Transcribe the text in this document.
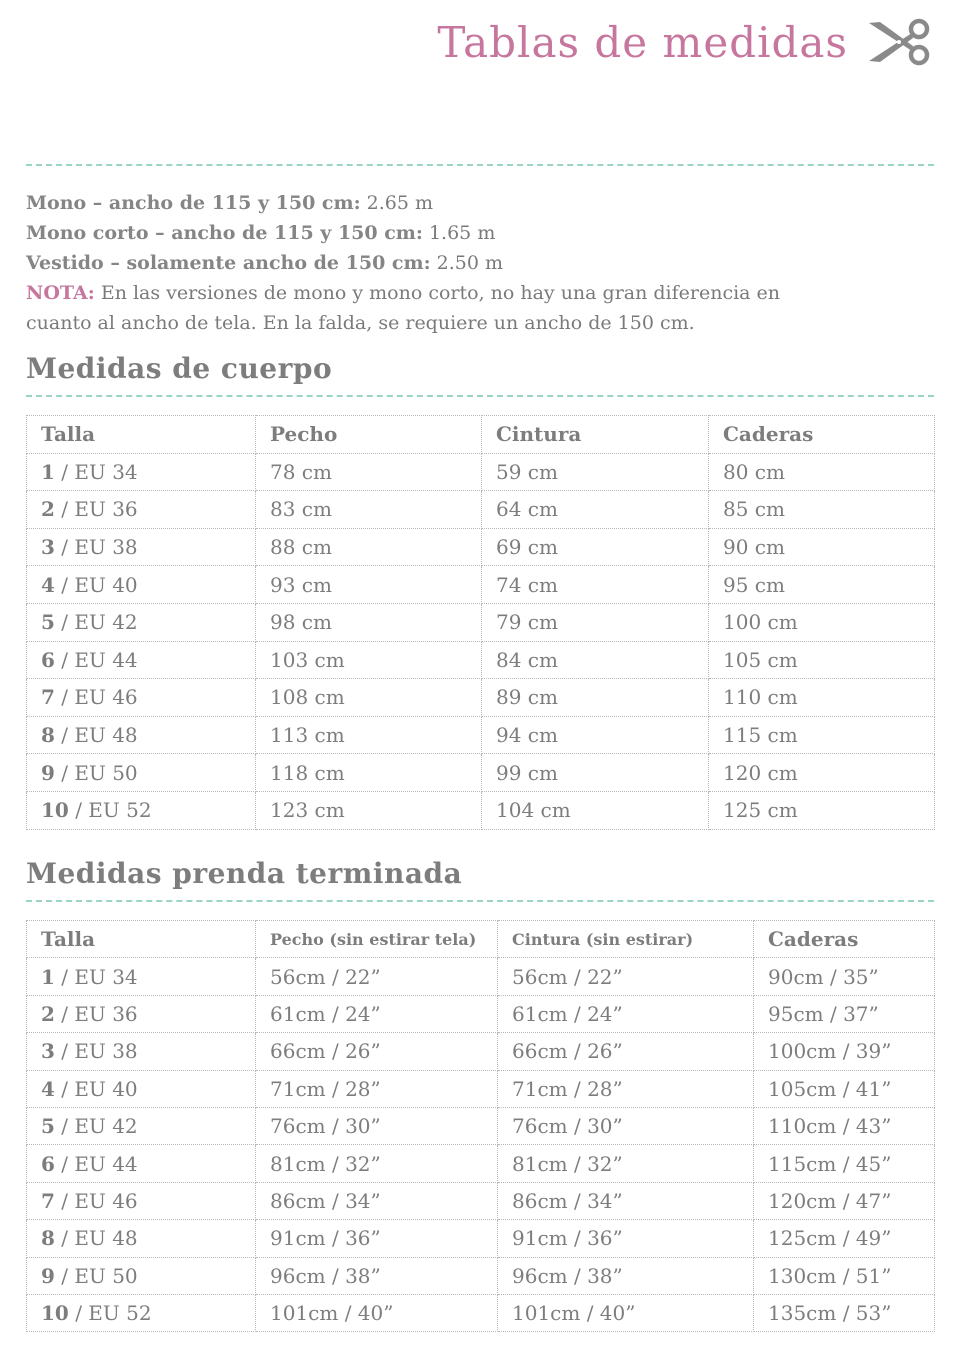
Tablas de medidas
Mono – ancho de 115 y 150 cm: 2.65 m
Mono corto – ancho de 115 y 150 cm: 1.65 m
Vestido – solamente ancho de 150 cm: 2.50 m
NOTA: En las versiones de mono y mono corto, no hay una gran diferencia en
cuanto al ancho de tela. En la falda, se requiere un ancho de 150 cm.
Medidas de cuerpo
Talla	Pecho	Cintura	Caderas
1 / EU 34	78 cm	59 cm	80 cm
2 / EU 36	83 cm	64 cm	85 cm
3 / EU 38	88 cm	69 cm	90 cm
4 / EU 40	93 cm	74 cm	95 cm
5 / EU 42	98 cm	79 cm	100 cm
6 / EU 44	103 cm	84 cm	105 cm
7 / EU 46	108 cm	89 cm	110 cm
8 / EU 48	113 cm	94 cm	115 cm
9 / EU 50	118 cm	99 cm	120 cm
10 / EU 52	123 cm	104 cm	125 cm
Medidas prenda terminada
Talla	Pecho (sin estirar tela)	Cintura (sin estirar)	Caderas
1 / EU 34	56cm / 22”	56cm / 22”	90cm / 35”
2 / EU 36	61cm / 24”	61cm / 24”	95cm / 37”
3 / EU 38	66cm / 26”	66cm / 26”	100cm / 39”
4 / EU 40	71cm / 28”	71cm / 28”	105cm / 41”
5 / EU 42	76cm / 30”	76cm / 30”	110cm / 43”
6 / EU 44	81cm / 32”	81cm / 32”	115cm / 45”
7 / EU 46	86cm / 34”	86cm / 34”	120cm / 47”
8 / EU 48	91cm / 36”	91cm / 36”	125cm / 49”
9 / EU 50	96cm / 38”	96cm / 38”	130cm / 51”
10 / EU 52	101cm / 40”	101cm / 40”	135cm / 53”
